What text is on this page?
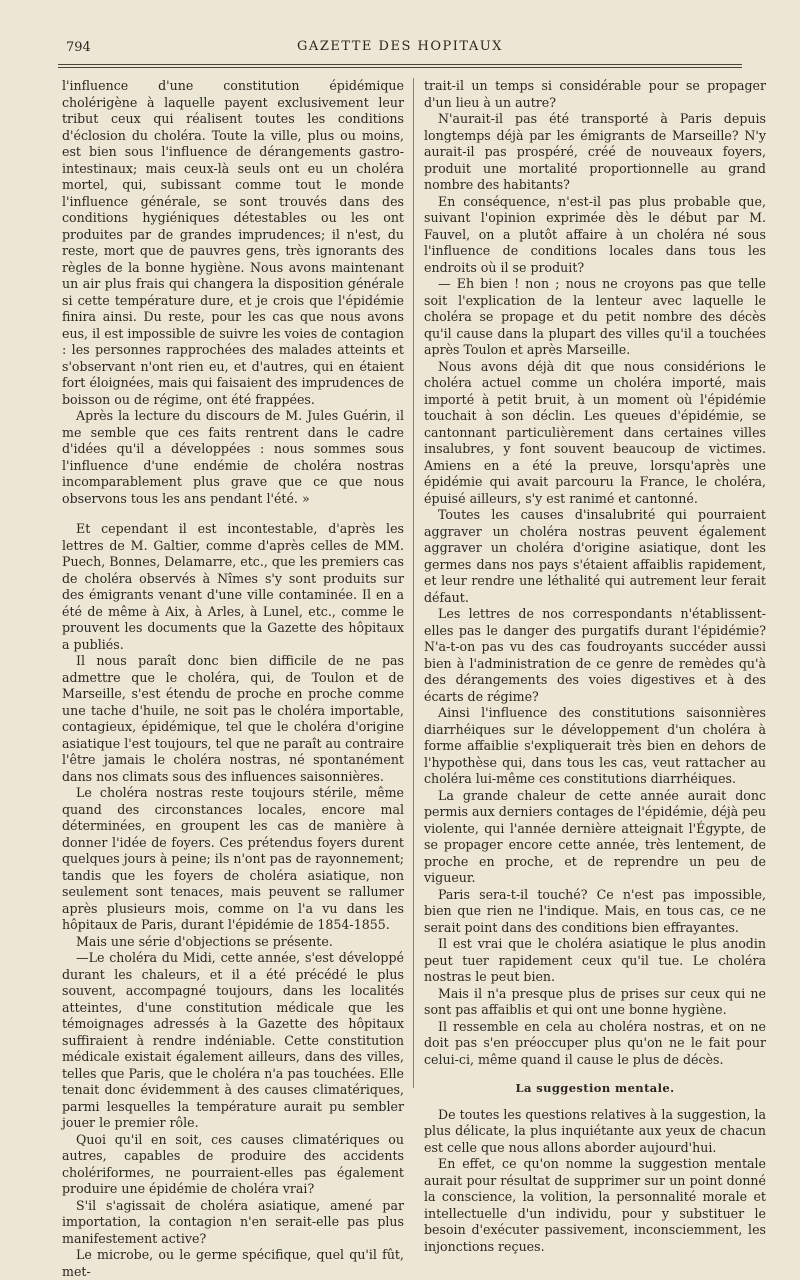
794	GAZETTE DES HOPITAUX

l'influence d'une constitution épidémique cholérigène à laquelle payent exclusivement leur tribut ceux qui réalisent toutes les conditions d'éclosion du choléra. Toute la ville, plus ou moins, est bien sous l'influence de dérangements gastro-intestinaux; mais ceux-là seuls ont eu un choléra mortel, qui, subissant comme tout le monde l'influence générale, se sont trouvés dans des conditions hygiéniques détestables ou les ont produites par de grandes imprudences; il n'est, du reste, mort que de pauvres gens, très ignorants des règles de la bonne hygiène. Nous avons maintenant un air plus frais qui changera la disposition générale si cette température dure, et je crois que l'épidémie finira ainsi. Du reste, pour les cas que nous avons eus, il est impossible de suivre les voies de contagion : les personnes rapprochées des malades atteints et s'observant n'ont rien eu, et d'autres, qui en étaient fort éloignées, mais qui faisaient des imprudences de boisson ou de régime, ont été frappées.

Après la lecture du discours de M. Jules Guérin, il me semble que ces faits rentrent dans le cadre d'idées qu'il a développées : nous sommes sous l'influence d'une endémie de choléra nostras incomparablement plus grave que ce que nous observons tous les ans pendant l'été. »

Et cependant il est incontestable, d'après les lettres de M. Galtier, comme d'après celles de MM. Puech, Bonnes, Delamarre, etc., que les premiers cas de choléra observés à Nîmes s'y sont produits sur des émigrants venant d'une ville contaminée. Il en a été de même à Aix, à Arles, à Lunel, etc., comme le prouvent les documents que la Gazette des hôpitaux a publiés.

Il nous paraît donc bien difficile de ne pas admettre que le choléra, qui, de Toulon et de Marseille, s'est étendu de proche en proche comme une tache d'huile, ne soit pas le choléra importable, contagieux, épidémique, tel que le choléra d'origine asiatique l'est toujours, tel que ne paraît au contraire l'être jamais le choléra nostras, né spontanément dans nos climats sous des influences saisonnières.

Le choléra nostras reste toujours stérile, même quand des circonstances locales, encore mal déterminées, en groupent les cas de manière à donner l'idée de foyers. Ces prétendus foyers durent quelques jours à peine; ils n'ont pas de rayonnement; tandis que les foyers de choléra asiatique, non seulement sont tenaces, mais peuvent se rallumer après plusieurs mois, comme on l'a vu dans les hôpitaux de Paris, durant l'épidémie de 1854-1855.

Mais une série d'objections se présente.

—Le choléra du Midi, cette année, s'est développé durant les chaleurs, et il a été précédé le plus souvent, accompagné toujours, dans les localités atteintes, d'une constitution médicale que les témoignages adressés à la Gazette des hôpitaux suffiraient à rendre indéniable. Cette constitution médicale existait également ailleurs, dans des villes, telles que Paris, que le choléra n'a pas touchées. Elle tenait donc évidemment à des causes climatériques, parmi lesquelles la température aurait pu sembler jouer le premier rôle.

Quoi qu'il en soit, ces causes climatériques ou autres, capables de produire des accidents cholériformes, ne pourraient-elles pas également produire une épidémie de choléra vrai?

S'il s'agissait de choléra asiatique, amené par importation, la contagion n'en serait-elle pas plus manifestement active?

Le microbe, ou le germe spécifique, quel qu'il fût, met-

trait-il un temps si considérable pour se propager d'un lieu à un autre?

N'aurait-il pas été transporté à Paris depuis longtemps déjà par les émigrants de Marseille? N'y aurait-il pas prospéré, créé de nouveaux foyers, produit une mortalité proportionnelle au grand nombre des habitants?

En conséquence, n'est-il pas plus probable que, suivant l'opinion exprimée dès le début par M. Fauvel, on a plutôt affaire à un choléra né sous l'influence de conditions locales dans tous les endroits où il se produit?

— Eh bien ! non ; nous ne croyons pas que telle soit l'explication de la lenteur avec laquelle le choléra se propage et du petit nombre des décès qu'il cause dans la plupart des villes qu'il a touchées après Toulon et après Marseille.

Nous avons déjà dit que nous considérions le choléra actuel comme un choléra importé, mais importé à petit bruit, à un moment où l'épidémie touchait à son déclin. Les queues d'épidémie, se cantonnant particulièrement dans certaines villes insalubres, y font souvent beaucoup de victimes. Amiens en a été la preuve, lorsqu'après une épidémie qui avait parcouru la France, le choléra, épuisé ailleurs, s'y est ranimé et cantonné.

Toutes les causes d'insalubrité qui pourraient aggraver un choléra nostras peuvent également aggraver un choléra d'origine asiatique, dont les germes dans nos pays s'étaient affaiblis rapidement, et leur rendre une léthalité qui autrement leur ferait défaut.

Les lettres de nos correspondants n'établissent-elles pas le danger des purgatifs durant l'épidémie? N'a-t-on pas vu des cas foudroyants succéder aussi bien à l'administration de ce genre de remèdes qu'à des dérangements des voies digestives et à des écarts de régime?

Ainsi l'influence des constitutions saisonnières diarrhéiques sur le développement d'un choléra à forme affaiblie s'expliquerait très bien en dehors de l'hypothèse qui, dans tous les cas, veut rattacher au choléra lui-même ces constitutions diarrhéiques.

La grande chaleur de cette année aurait donc permis aux derniers contages de l'épidémie, déjà peu violente, qui l'année dernière atteignait l'Égypte, de se propager encore cette année, très lentement, de proche en proche, et de reprendre un peu de vigueur.

Paris sera-t-il touché? Ce n'est pas impossible, bien que rien ne l'indique. Mais, en tous cas, ce ne serait point dans des conditions bien effrayantes.

Il est vrai que le choléra asiatique le plus anodin peut tuer rapidement ceux qu'il tue. Le choléra nostras le peut bien.

Mais il n'a presque plus de prises sur ceux qui ne sont pas affaiblis et qui ont une bonne hygiène.

Il ressemble en cela au choléra nostras, et on ne doit pas s'en préoccuper plus qu'on ne le fait pour celui-ci, même quand il cause le plus de décès.

La suggestion mentale.

De toutes les questions relatives à la suggestion, la plus délicate, la plus inquiétante aux yeux de chacun est celle que nous allons aborder aujourd'hui.

En effet, ce qu'on nomme la suggestion mentale aurait pour résultat de supprimer sur un point donné la conscience, la volition, la personnalité morale et intellectuelle d'un individu, pour y substituer le besoin d'exécuter passivement, inconsciemment, les injonctions reçues.
